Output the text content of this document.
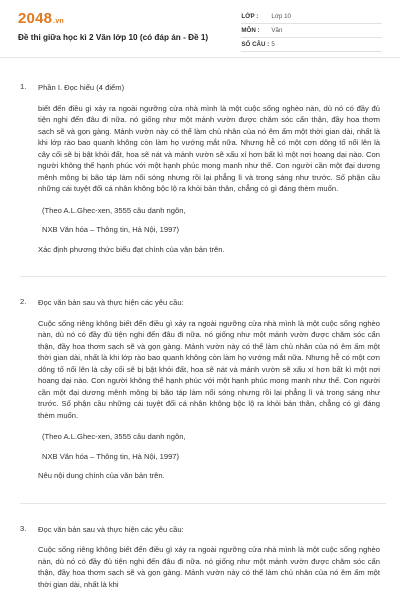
2048.vn
Đề thi giữa học kì 2 Văn lớp 10 (có đáp án - Đề 1)
LỚP :	Lớp 10
MÔN :	Văn
SỐ CÂU : 5
1.	Phần I. Đọc hiểu (4 điểm)

biết đến điều gì xảy ra ngoài ngưỡng cửa nhà mình là một cuộc sống nghèo nàn, dù nó có đầy đủ tiện nghi đến đâu đi nữa. nó giống như một mảnh vườn được chăm sóc cẩn thận, đầy hoa thơm sạch sẽ và gọn gàng. Mảnh vườn này có thể làm chủ nhân của nó êm ấm một thời gian dài, nhất là khi lớp rào bao quanh không còn làm họ vướng mắt nữa. Nhưng hễ có một cơn dông tố nổi lên là cây cối sẽ bị bật khỏi đất, hoa sẽ nát và mảnh vườn sẽ xấu xí hơn bất kì một nơi hoang dại nào. Con người không thể hạnh phúc với một hạnh phúc mong manh như thế. Con người cần một đại dương mênh mông bị bão táp làm nổi sóng nhưng rồi lại phẳng lì và trong sáng như trước. Số phận cầu những cái tuyệt đối cá nhân không bộc lộ ra khỏi bản thân, chẳng có gì đáng thèm muốn.

(Theo A.L.Ghec-xen, 3555 câu danh ngôn,

NXB Văn hóa – Thông tin, Hà Nội, 1997)

Xác định phương thức biểu đạt chính của văn bản trên.

2.	Đọc văn bản sau và thực hiện các yêu cầu:

Cuộc sống riêng không biết đến điều gì xảy ra ngoài ngưỡng cửa nhà mình là một cuộc sống nghèo nàn, dù nó có đầy đủ tiện nghi đến đâu đi nữa. nó giống như một mảnh vườn được chăm sóc cẩn thận, đầy hoa thơm sạch sẽ và gọn gàng. Mảnh vườn này có thể làm chủ nhân của nó êm ấm một thời gian dài, nhất là khi lớp rào bao quanh không còn làm họ vướng mắt nữa. Nhưng hễ có một cơn dông tố nổi lên là cây cối sẽ bị bật khỏi đất, hoa sẽ nát và mảnh vườn sẽ xấu xí hơn bất kì một nơi hoang dại nào. Con người không thể hạnh phúc với một hạnh phúc mong manh như thế. Con người cần một đại dương mênh mông bị bão táp làm nổi sóng nhưng rồi lại phẳng lì và trong sáng như trước. Số phận cầu những cái tuyệt đối cá nhân không bộc lộ ra khỏi bản thân, chẳng có gì đáng thèm muốn.

(Theo A.L.Ghec-xen, 3555 câu danh ngôn,

NXB Văn hóa – Thông tin, Hà Nội, 1997)

Nêu nội dung chính của văn bản trên.

3.	Đọc văn bản sau và thực hiện các yêu cầu:

Cuộc sống riêng không biết đến điều gì xảy ra ngoài ngưỡng cửa nhà mình là một cuộc sống nghèo nàn, dù nó có đầy đủ tiện nghi đến đâu đi nữa. nó giống như một mảnh vườn được chăm sóc cẩn thận, đầy hoa thơm sạch sẽ và gọn gàng. Mảnh vườn này có thể làm chủ nhân của nó êm ấm một thời gian dài, nhất là khi
